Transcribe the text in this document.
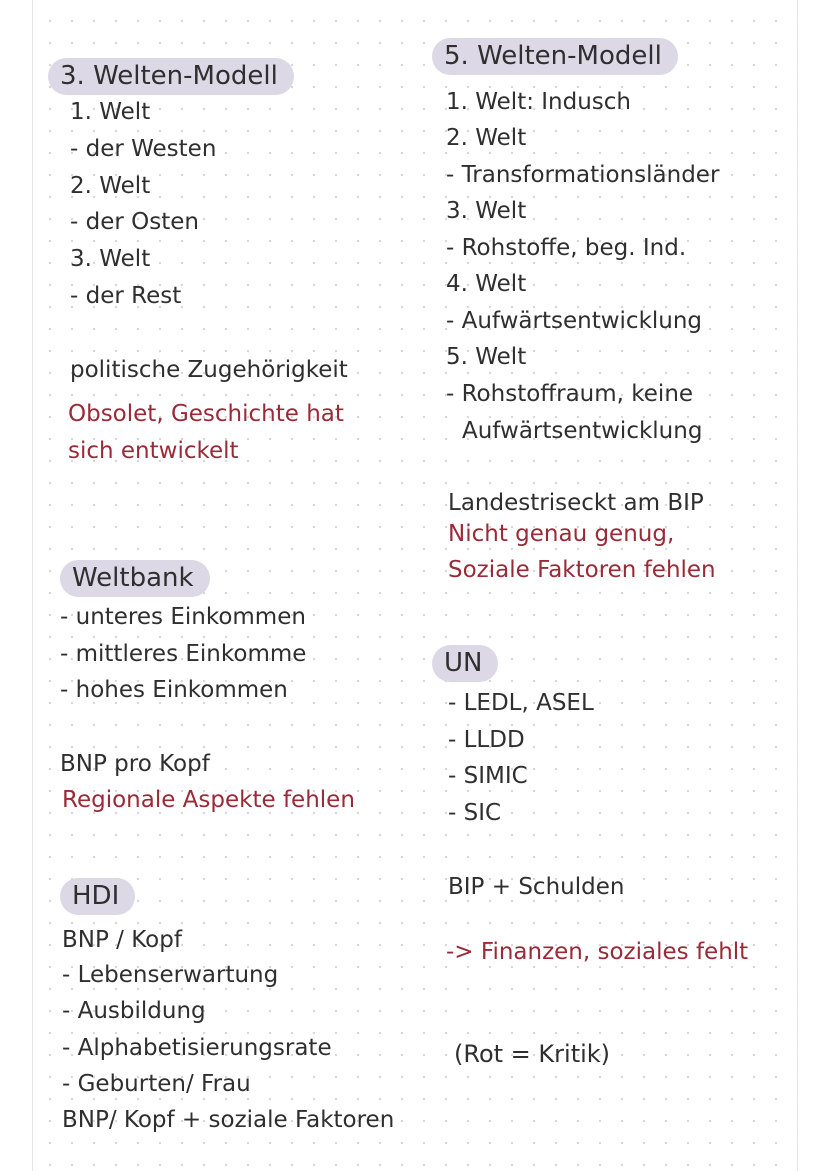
3. Welten-Modell
1. Welt
- der Westen
2. Welt
- der Osten
3. Welt
- der Rest
politische Zugehörigkeit
Obsolet, Geschichte hat
sich entwickelt
Weltbank
- unteres Einkommen
- mittleres Einkomme
- hohes Einkommen
BNP pro Kopf
Regionale Aspekte fehlen
HDI
BNP / Kopf
- Lebenserwartung
- Ausbildung
- Alphabetisierungsrate
- Geburten/ Frau
BNP/ Kopf + soziale Faktoren
5. Welten-Modell
1. Welt: Indusch
2. Welt
- Transformationsländer
3. Welt
- Rohstoffe, beg. Ind.
4. Welt
- Aufwärtsentwicklung
5. Welt
- Rohstoffraum, keine
Aufwärtsentwicklung
Landestriseckt am BIP
Nicht genau genug,
Soziale Faktoren fehlen
UN
- LEDL, ASEL
- LLDD
- SIMIC
- SIC
BIP + Schulden
-> Finanzen, soziales fehlt
(Rot = Kritik)
